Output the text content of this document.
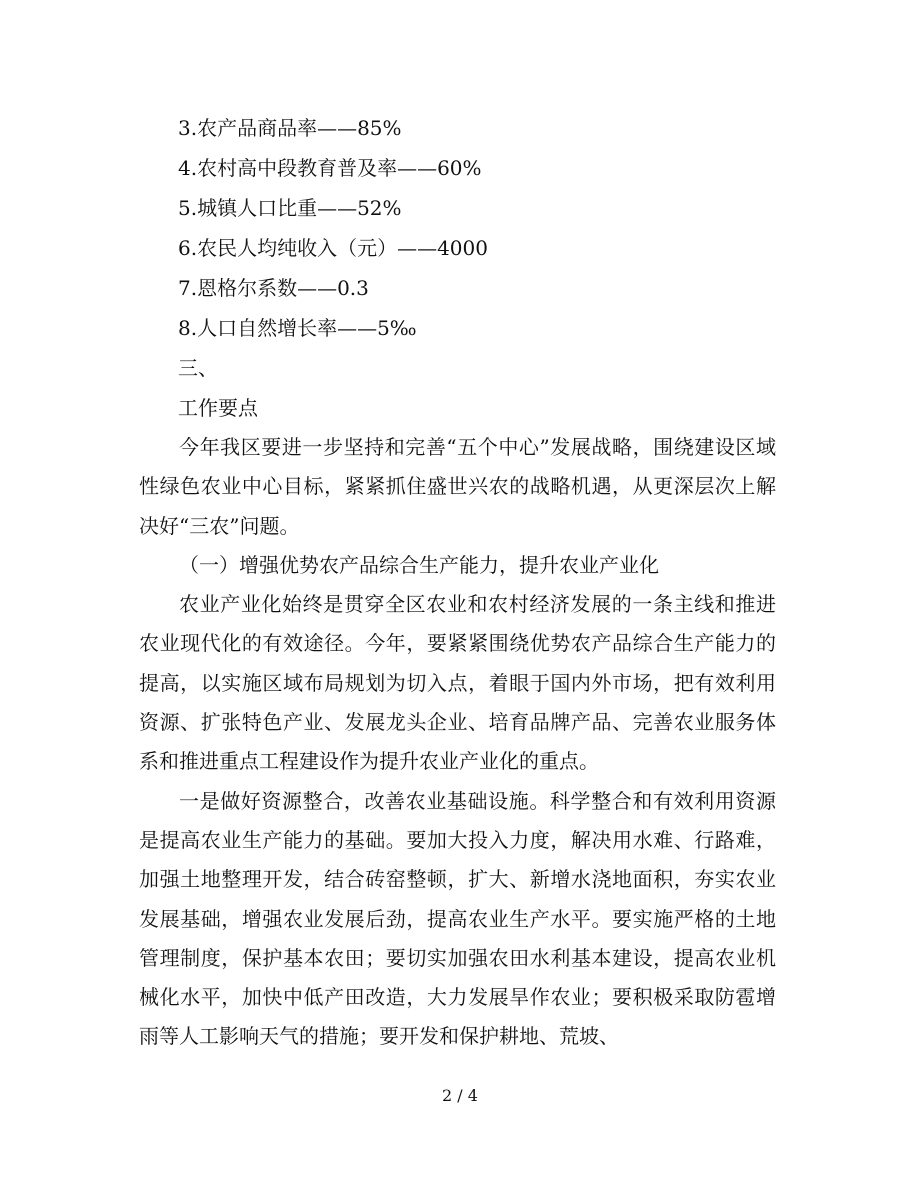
3.农产品商品率——85%

4.农村高中段教育普及率——60%

5.城镇人口比重——52%

6.农民人均纯收入（元）——4000

7.恩格尔系数——0.3

8.人口自然增长率——5‰

三、

工作要点

今年我区要进一步坚持和完善“五个中心”发展战略，围绕建设区域性绿色农业中心目标，紧紧抓住盛世兴农的战略机遇，从更深层次上解决好“三农”问题。

（一）增强优势农产品综合生产能力，提升农业产业化

农业产业化始终是贯穿全区农业和农村经济发展的一条主线和推进农业现代化的有效途径。今年，要紧紧围绕优势农产品综合生产能力的提高，以实施区域布局规划为切入点，着眼于国内外市场，把有效利用资源、扩张特色产业、发展龙头企业、培育品牌产品、完善农业服务体系和推进重点工程建设作为提升农业产业化的重点。

一是做好资源整合，改善农业基础设施。科学整合和有效利用资源是提高农业生产能力的基础。要加大投入力度，解决用水难、行路难，加强土地整理开发，结合砖窑整顿，扩大、新增水浇地面积，夯实农业发展基础，增强农业发展后劲，提高农业生产水平。要实施严格的土地管理制度，保护基本农田；要切实加强农田水利基本建设，提高农业机械化水平，加快中低产田改造，大力发展旱作农业；要积极采取防雹增雨等人工影响天气的措施；要开发和保护耕地、荒坡、

2 / 4
